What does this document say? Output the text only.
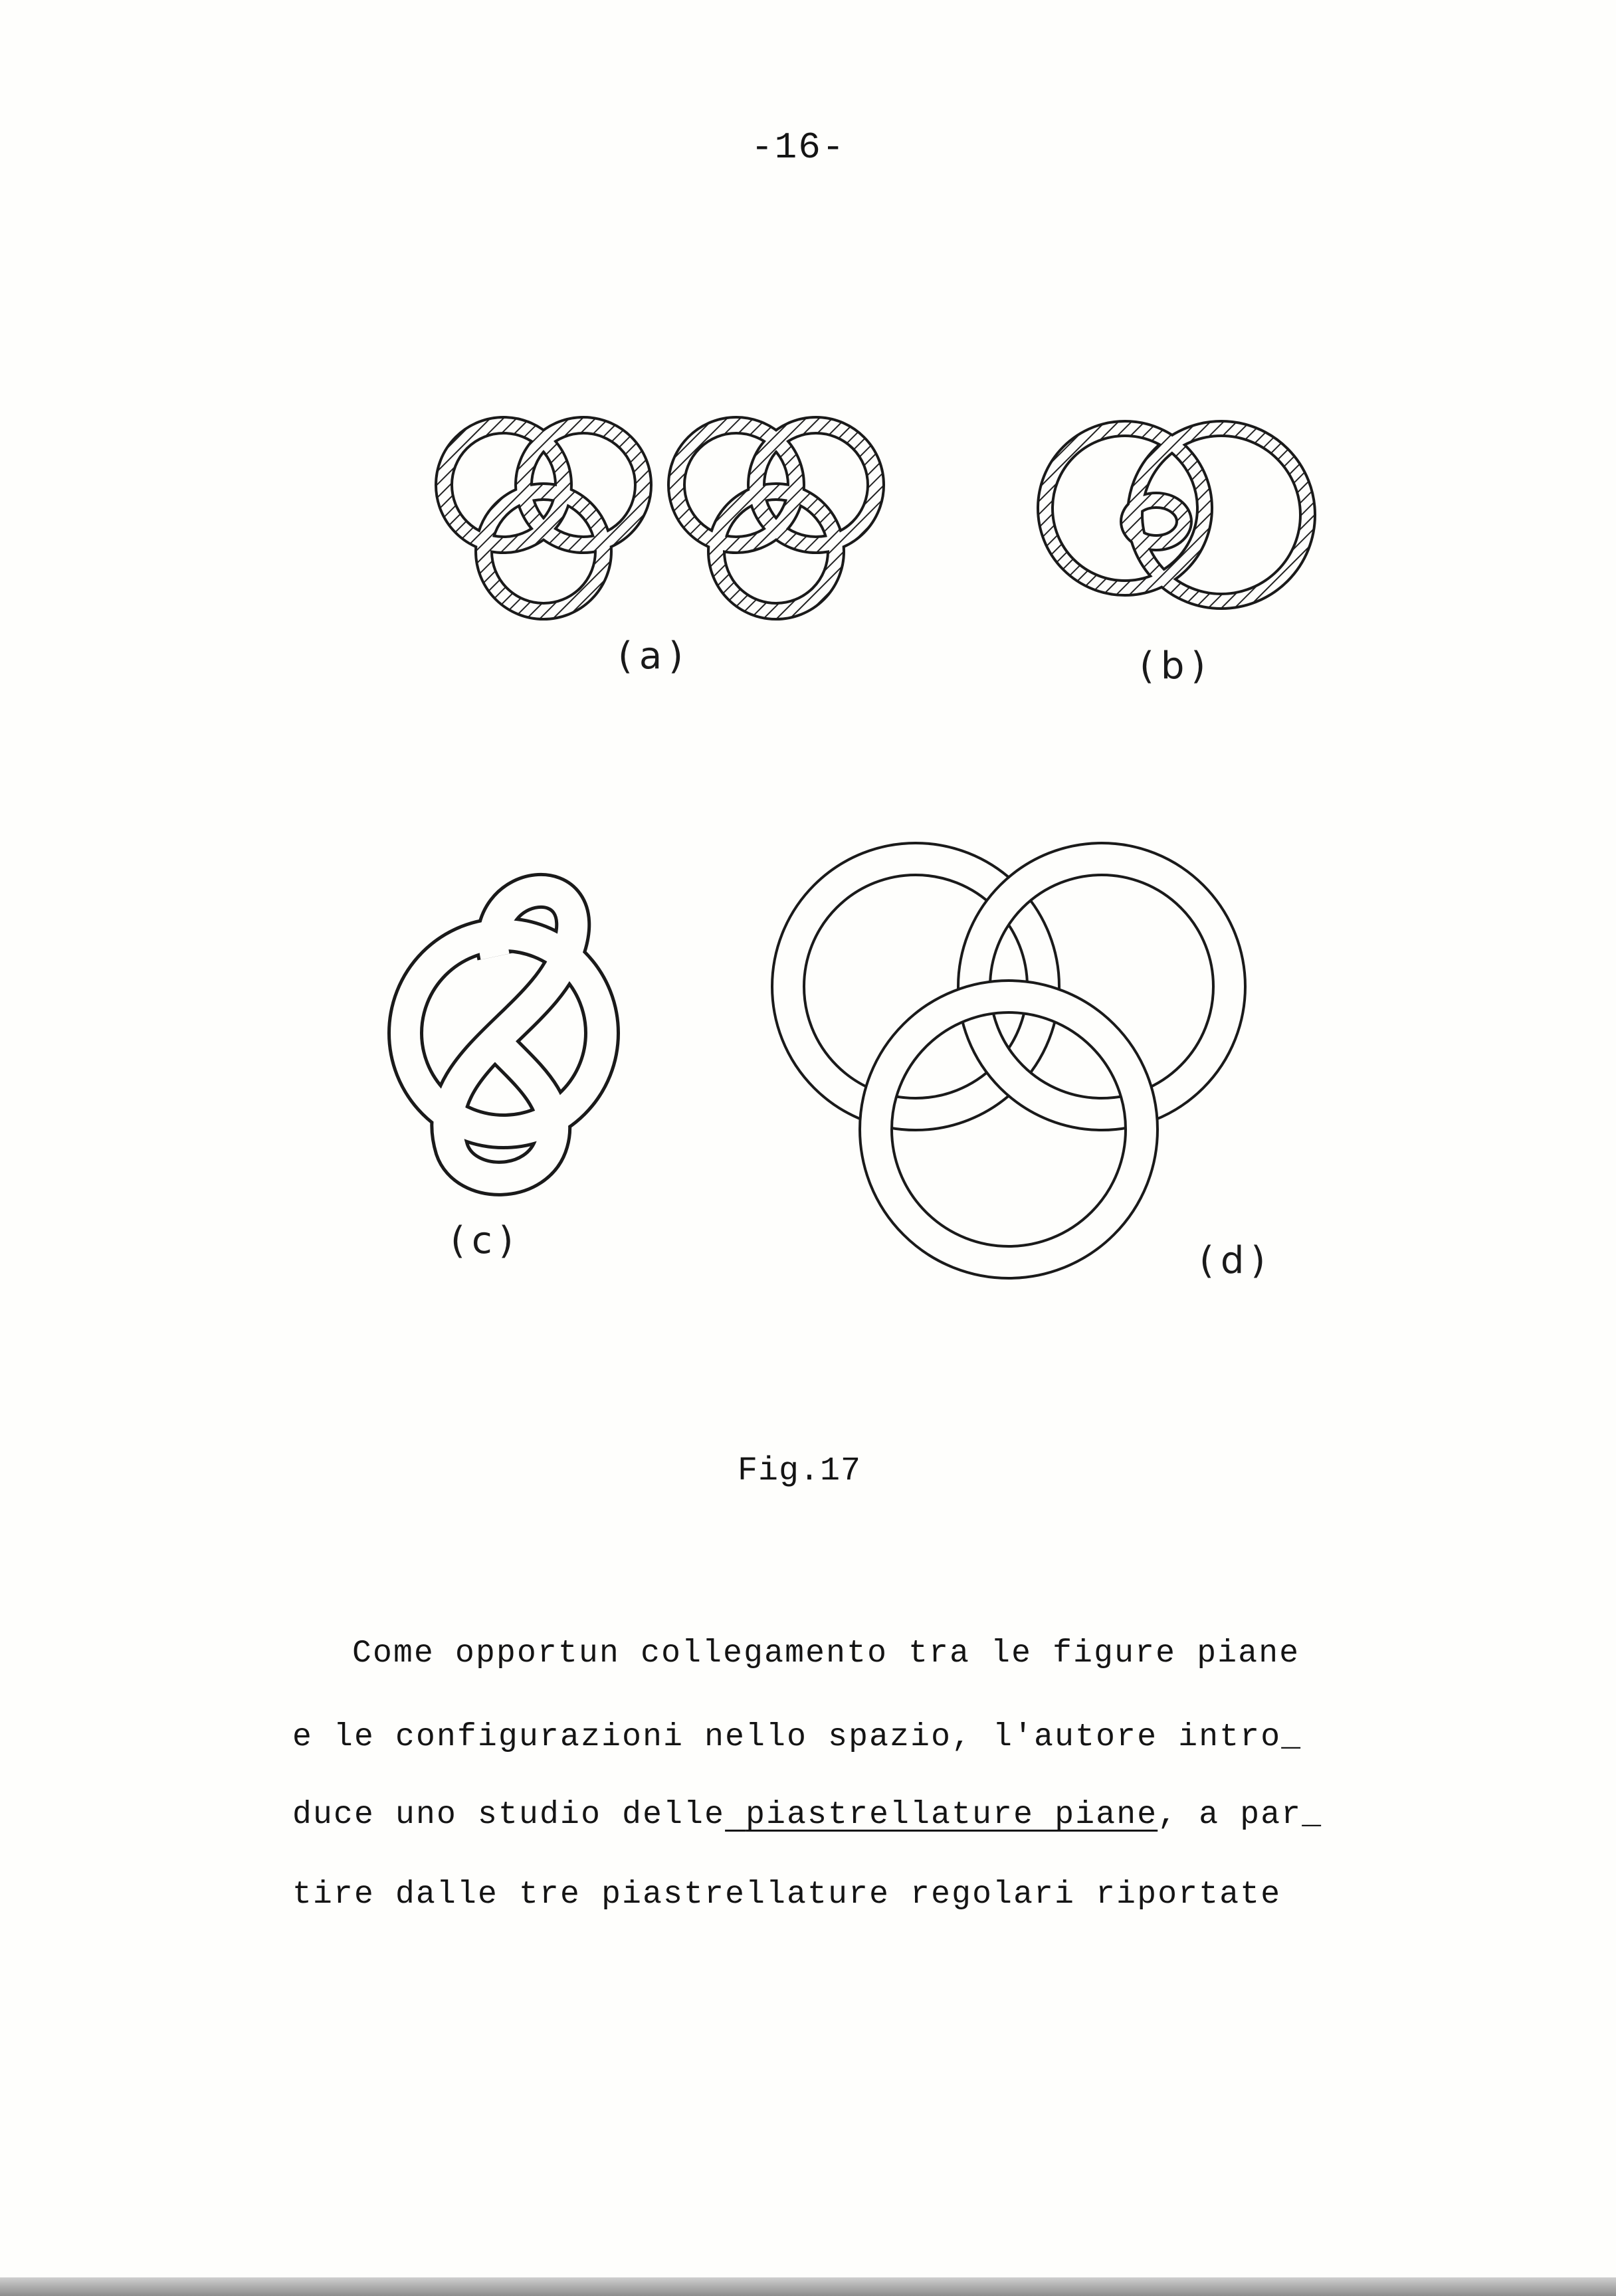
-16-
(a)	(b)
(c)	(d)
Fig.17
Come opportun collegamento tra le figure piane
e le configurazioni nello spazio, l'autore intro_
duce uno studio delle piastrellature piane, a par_
tire dalle tre piastrellature regolari riportate
